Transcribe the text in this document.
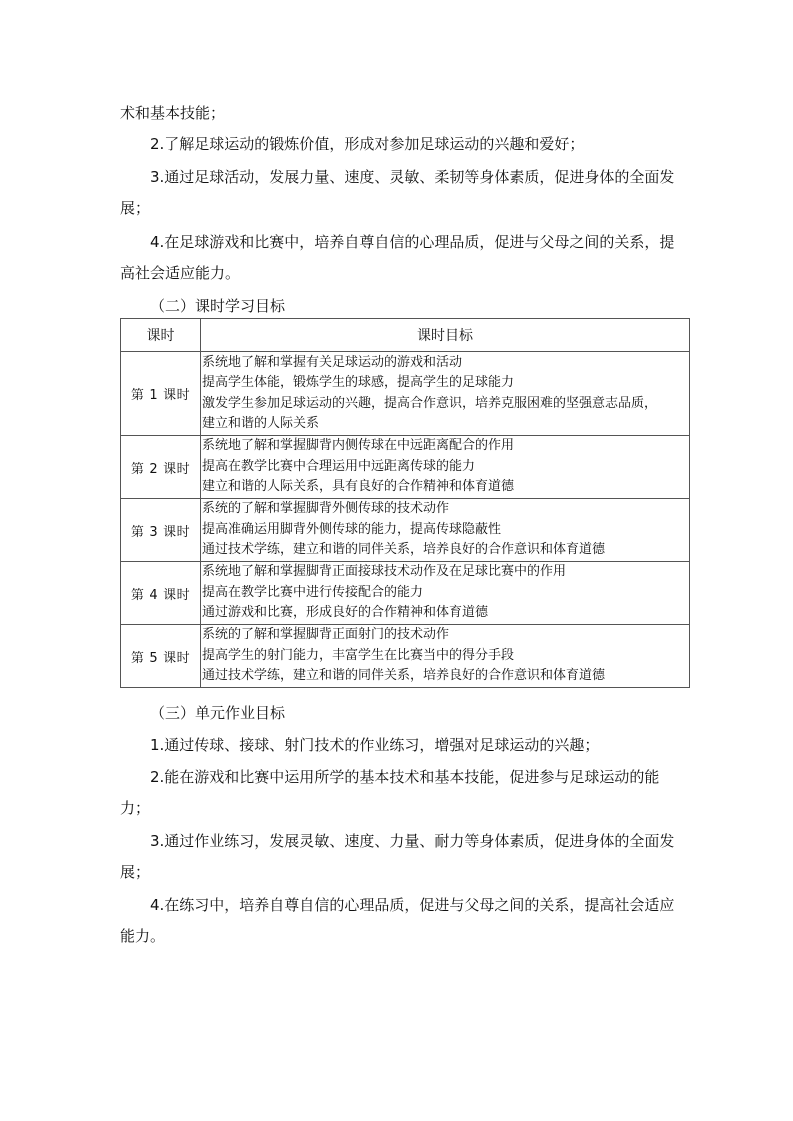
术和基本技能；

2.了解足球运动的锻炼价值，形成对参加足球运动的兴趣和爱好；

3.通过足球活动，发展力量、速度、灵敏、柔韧等身体素质，促进身体的全面发展；

4.在足球游戏和比赛中，培养自尊自信的心理品质，促进与父母之间的关系，提高社会适应能力。

（二）课时学习目标

课时	课时目标
第 1 课时	系统地了解和掌握有关足球运动的游戏和活动
提高学生体能，锻炼学生的球感，提高学生的足球能力
激发学生参加足球运动的兴趣，提高合作意识，培养克服困难的坚强意志品质，
建立和谐的人际关系

第 2 课时	系统地了解和掌握脚背内侧传球在中远距离配合的作用
提高在教学比赛中合理运用中远距离传球的能力
建立和谐的人际关系，具有良好的合作精神和体育道德

第 3 课时	系统的了解和掌握脚背外侧传球的技术动作
提高准确运用脚背外侧传球的能力，提高传球隐蔽性
通过技术学练，建立和谐的同伴关系，培养良好的合作意识和体育道德

第 4 课时	系统地了解和掌握脚背正面接球技术动作及在足球比赛中的作用
提高在教学比赛中进行传接配合的能力
通过游戏和比赛，形成良好的合作精神和体育道德

第 5 课时	系统的了解和掌握脚背正面射门的技术动作
提高学生的射门能力，丰富学生在比赛当中的得分手段
通过技术学练，建立和谐的同伴关系，培养良好的合作意识和体育道德

（三）单元作业目标

1.通过传球、接球、射门技术的作业练习，增强对足球运动的兴趣；

2.能在游戏和比赛中运用所学的基本技术和基本技能，促进参与足球运动的能力；

3.通过作业练习，发展灵敏、速度、力量、耐力等身体素质，促进身体的全面发展；

4.在练习中，培养自尊自信的心理品质，促进与父母之间的关系，提高社会适应能力。
